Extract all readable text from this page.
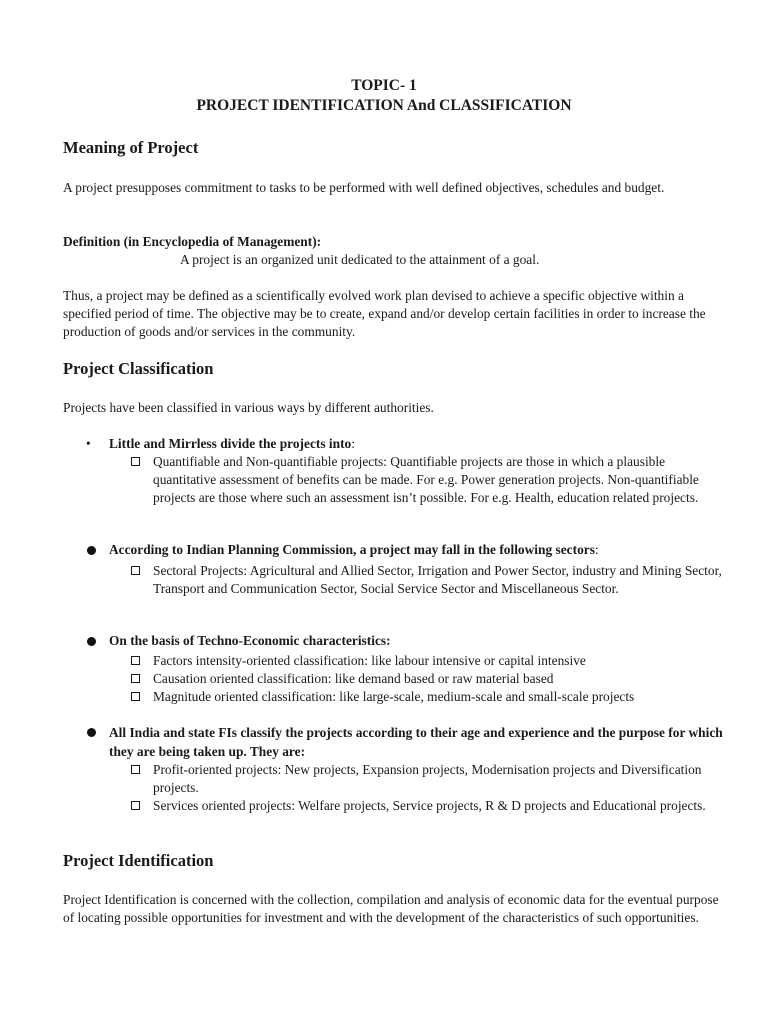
TOPIC- 1
PROJECT IDENTIFICATION And CLASSIFICATION
Meaning of Project
A project presupposes commitment to tasks to be performed with well defined objectives, schedules and budget.
Definition (in Encyclopedia of Management):
A project is an organized unit dedicated to the attainment of a goal.
Thus, a project may be defined as a scientifically evolved work plan devised to achieve a specific objective within a specified period of time. The objective may be to create, expand and/or develop certain facilities in order to increase the production of goods and/or services in the community.
Project Classification
Projects have been classified in various ways by different authorities.
• Little and Mirrless divide the projects into:
Quantifiable and Non-quantifiable projects: Quantifiable projects are those in which a plausible quantitative assessment of benefits can be made. For e.g. Power generation projects. Non-quantifiable projects are those where such an assessment isn’t possible. For e.g. Health, education related projects.
According to Indian Planning Commission, a project may fall in the following sectors:
Sectoral Projects: Agricultural and Allied Sector, Irrigation and Power Sector, industry and Mining Sector, Transport and Communication Sector, Social Service Sector and Miscellaneous Sector.
On the basis of Techno-Economic characteristics:
Factors intensity-oriented classification: like labour intensive or capital intensive
Causation oriented classification: like demand based or raw material based
Magnitude oriented classification: like large-scale, medium-scale and small-scale projects
All India and state FIs classify the projects according to their age and experience and the purpose for which they are being taken up. They are:
Profit-oriented projects: New projects, Expansion projects, Modernisation projects and Diversification projects.
Services oriented projects: Welfare projects, Service projects, R & D projects and Educational projects.
Project Identification
Project Identification is concerned with the collection, compilation and analysis of economic data for the eventual purpose of locating possible opportunities for investment and with the development of the characteristics of such opportunities.
